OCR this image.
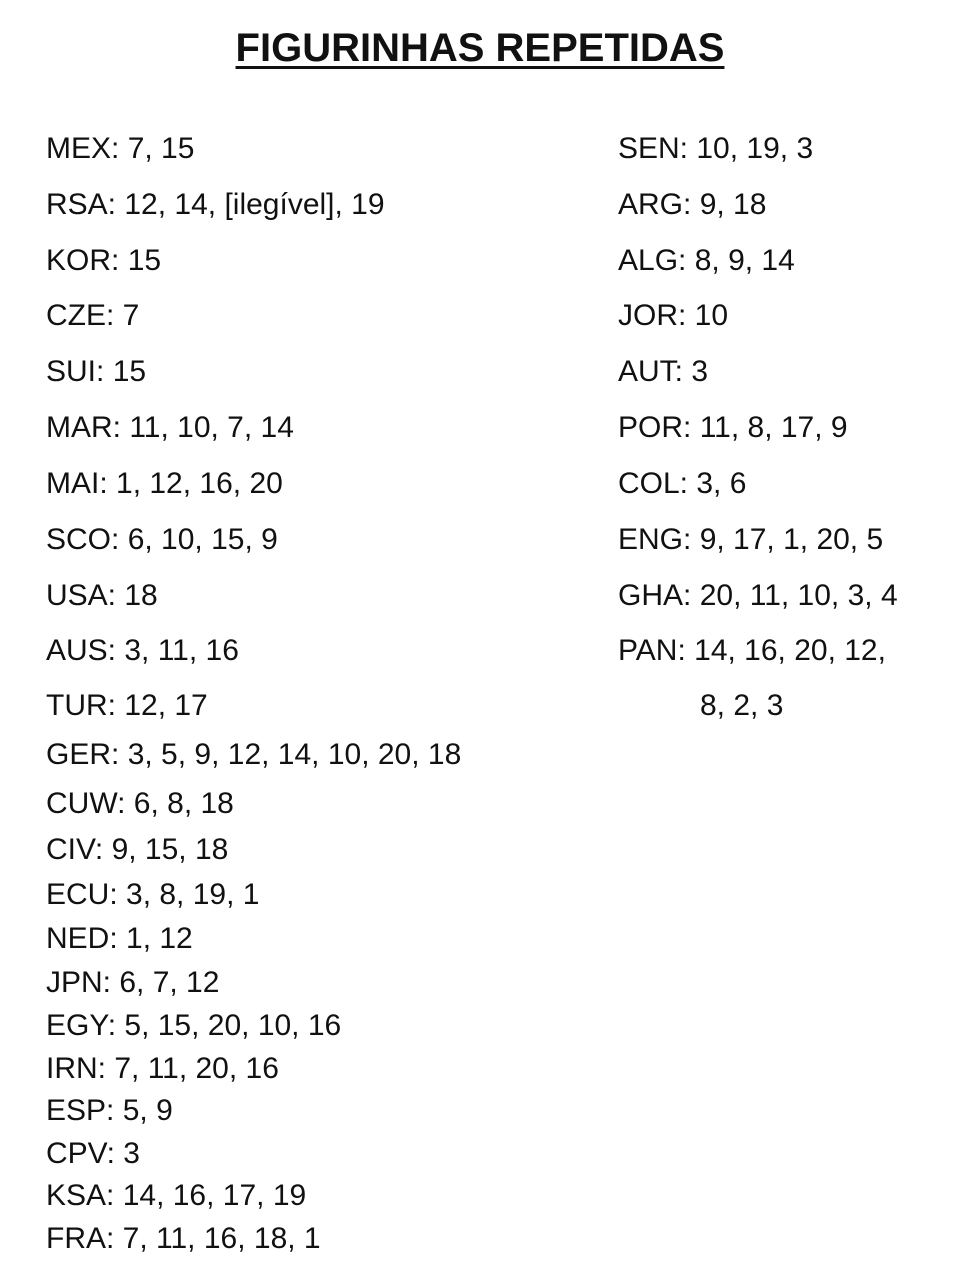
FIGURINHAS REPETIDAS
MEX: 7, 15
RSA: 12, 14, [ilegível], 19
KOR: 15
CZE: 7
SUI: 15
MAR: 11, 10, 7, 14
MAI: 1, 12, 16, 20
SCO: 6, 10, 15, 9
USA: 18
AUS: 3, 11, 16
TUR: 12, 17
GER: 3, 5, 9, 12, 14, 10, 20, 18
CUW: 6, 8, 18
CIV: 9, 15, 18
ECU: 3, 8, 19, 1
NED: 1, 12
JPN: 6, 7, 12
EGY: 5, 15, 20, 10, 16
IRN: 7, 11, 20, 16
ESP: 5, 9
CPV: 3
KSA: 14, 16, 17, 19
FRA: 7, 11, 16, 18, 1
SEN: 10, 19, 3
ARG: 9, 18
ALG: 8, 9, 14
JOR: 10
AUT: 3
POR: 11, 8, 17, 9
COL: 3, 6
ENG: 9, 17, 1, 20, 5
GHA: 20, 11, 10, 3, 4
PAN: 14, 16, 20, 12,
8, 2, 3
